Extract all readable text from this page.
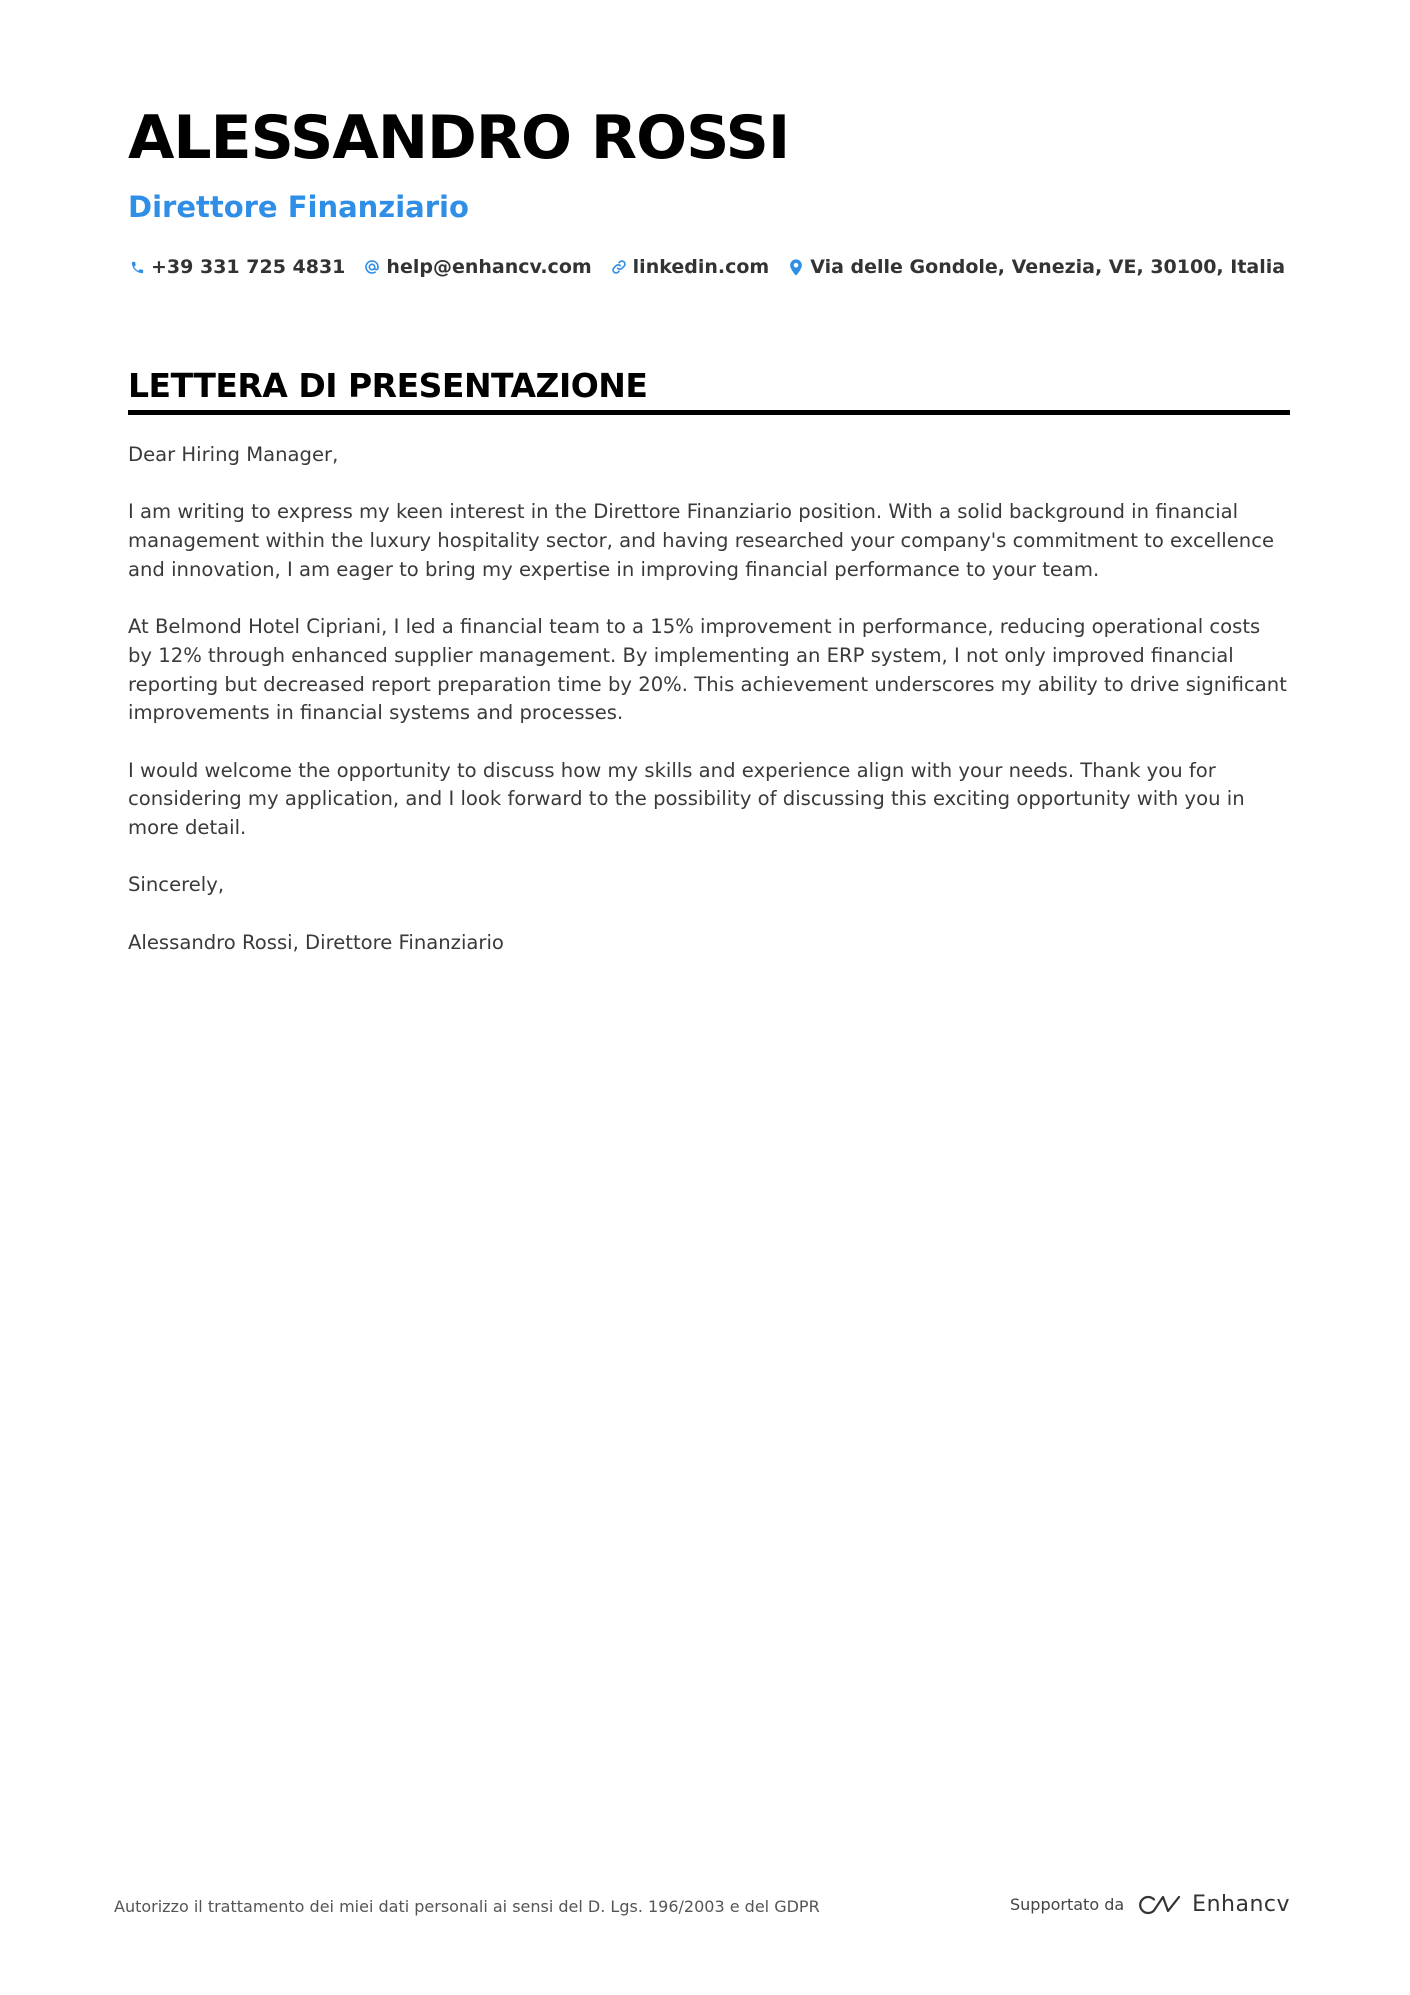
ALESSANDRO ROSSI
Direttore Finanziario
+39 331 725 4831 help@enhancv.com linkedin.com Via delle Gondole, Venezia, VE, 30100, Italia
LETTERA DI PRESENTAZIONE

Dear Hiring Manager,

I am writing to express my keen interest in the Direttore Finanziario position. With a solid background in financial management within the luxury hospitality sector, and having researched your company's commitment to excellence and innovation, I am eager to bring my expertise in improving financial performance to your team.

At Belmond Hotel Cipriani, I led a financial team to a 15% improvement in performance, reducing operational costs by 12% through enhanced supplier management. By implementing an ERP system, I not only improved financial reporting but decreased report preparation time by 20%. This achievement underscores my ability to drive significant improvements in financial systems and processes.

I would welcome the opportunity to discuss how my skills and experience align with your needs. Thank you for considering my application, and I look forward to the possibility of discussing this exciting opportunity with you in more detail.

Sincerely,

Alessandro Rossi, Direttore Finanziario

Autorizzo il trattamento dei miei dati personali ai sensi del D. Lgs. 196/2003 e del GDPR	Supportato da	Enhancv
